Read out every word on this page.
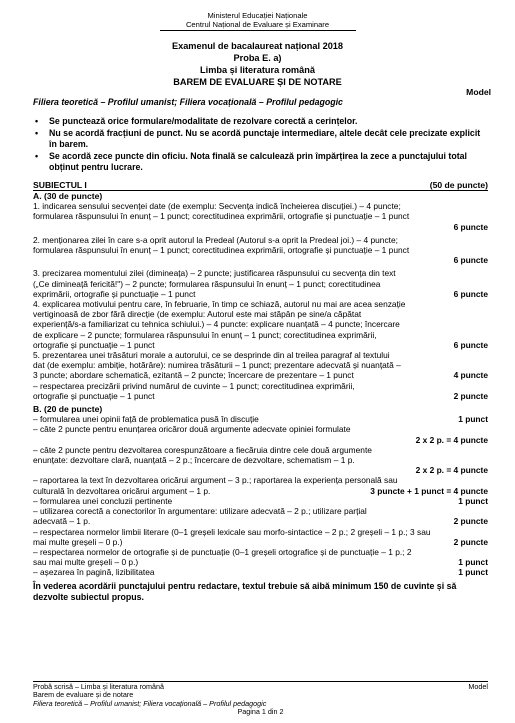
Ministerul Educației Naționale
Centrul Național de Evaluare și Examinare
Examenul de bacalaureat național 2018
Proba E. a)
Limba și literatura română
BAREM DE EVALUARE ȘI DE NOTARE
Model
Filiera teoretică – Profilul umanist; Filiera vocațională – Profilul pedagogic
• Se punctează orice formulare/modalitate de rezolvare corectă a cerințelor.
• Nu se acordă fracțiuni de punct. Nu se acordă punctaje intermediare, altele decât cele precizate explicit în barem.
• Se acordă zece puncte din oficiu. Nota finală se calculează prin împărțirea la zece a punctajului total obținut pentru lucrare.
SUBIECTUL I	(50 de puncte)
A. (30 de puncte)
1. indicarea sensului secvenței date (de exemplu: Secvența indică încheierea discuției.) – 4 puncte;
formularea răspunsului în enunț – 1 punct; corectitudinea exprimării, ortografie și punctuație – 1 punct
6 puncte
2. menționarea zilei în care s-a oprit autorul la Predeal (Autorul s-a oprit la Predeal joi.) – 4 puncte;
formularea răspunsului în enunț – 1 punct; corectitudinea exprimării, ortografie și punctuație – 1 punct
6 puncte
3. precizarea momentului zilei (dimineața) – 2 puncte; justificarea răspunsului cu secvența din text
(„Ce dimineață fericită!") – 2 puncte; formularea răspunsului în enunț – 1 punct; corectitudinea
exprimării, ortografie și punctuație – 1 punct	6 puncte
4. explicarea motivului pentru care, în februarie, în timp ce schiază, autorul nu mai are acea senzație
vertiginoasă de zbor fără direcție (de exemplu: Autorul este mai stăpân pe sine/a căpătat
experiență/s-a familiarizat cu tehnica schiului.) – 4 puncte: explicare nuanțată – 4 puncte; încercare
de explicare – 2 puncte; formularea răspunsului în enunț – 1 punct; corectitudinea exprimării,
ortografie și punctuație – 1 punct	6 puncte
5. prezentarea unei trăsături morale a autorului, ce se desprinde din al treilea paragraf al textului
dat (de exemplu: ambiție, hotărâre): numirea trăsăturii – 1 punct; prezentare adecvată și nuanțată –
3 puncte; abordare schematică, ezitantă – 2 puncte; încercare de prezentare – 1 punct	4 puncte
– respectarea precizării privind numărul de cuvinte – 1 punct; corectitudinea exprimării,
ortografie și punctuație – 1 punct	2 puncte
B. (20 de puncte)
– formularea unei opinii față de problematica pusă în discuție	1 punct
– câte 2 puncte pentru enunțarea oricăror două argumente adecvate opiniei formulate
2 x 2 p. = 4 puncte
– câte 2 puncte pentru dezvoltarea corespunzătoare a fiecăruia dintre cele două argumente
enunțate: dezvoltare clară, nuanțată – 2 p.; încercare de dezvoltare, schematism – 1 p.
2 x 2 p. = 4 puncte
– raportarea la text în dezvoltarea oricărui argument – 3 p.; raportarea la experiența personală sau
culturală în dezvoltarea oricărui argument – 1 p.	3 puncte + 1 punct = 4 puncte
– formularea unei concluzii pertinente	1 punct
– utilizarea corectă a conectorilor în argumentare: utilizare adecvată – 2 p.; utilizare parțial
adecvată – 1 p.	2 puncte
– respectarea normelor limbii literare (0–1 greșeli lexicale sau morfo-sintactice – 2 p.; 2 greșeli – 1 p.; 3 sau
mai multe greșeli – 0 p.)	2 puncte
– respectarea normelor de ortografie și de punctuație (0–1 greșeli ortografice și de punctuație – 1 p.; 2
sau mai multe greșeli – 0 p.)	1 punct
– așezarea în pagină, lizibilitatea	1 punct
În vederea acordării punctajului pentru redactare, textul trebuie să aibă minimum 150 de cuvinte și să dezvolte subiectul propus.
Probă scrisă – Limba și literatura română	Model
Barem de evaluare și de notare
Filiera teoretică – Profilul umanist; Filiera vocațională – Profilul pedagogic
Pagina 1 din 2
